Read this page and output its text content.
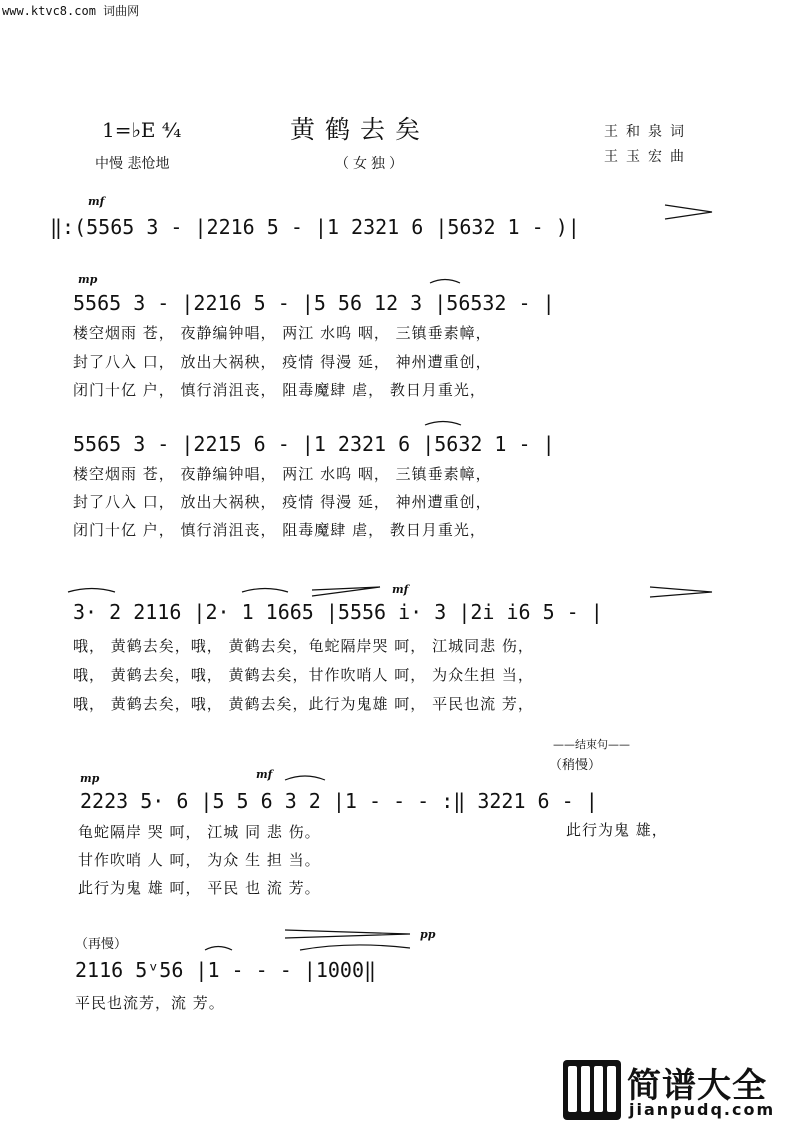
www.ktvc8.com 词曲网
1=♭E ⁴⁄₄
中慢 悲怆地
黄鹤去矣
（女独）
王和泉词
王玉宏曲
mf
‖:(5565 3 - |2216 5 - |1 2321 6 |5632 1 - )|
mp
5565 3 - |2216 5 - |5 56 12 3 |56532 - |
楼空烟雨 苍， 夜静编钟唱， 两江 水呜 咽， 三镇垂素幛，
封了八入 口， 放出大祸秧， 疫情 得漫 延， 神州遭重创，
闭门十亿 户， 慎行消沮丧， 阻毒魔肆 虐， 教日月重光，
5565 3 - |2215 6 - |1 2321 6 |5632 1 - |
楼空烟雨 苍， 夜静编钟唱， 两江 水呜 咽， 三镇垂素幛，
封了八入 口， 放出大祸秧， 疫情 得漫 延， 神州遭重创，
闭门十亿 户， 慎行消沮丧， 阻毒魔肆 虐， 教日月重光，
mf
3· 2 2116 |2· 1 1665 |5556 i· 3 |2i i6 5 - |
哦， 黄鹤去矣，哦， 黄鹤去矣，龟蛇隔岸哭 呵， 江城同悲 伤，
哦， 黄鹤去矣，哦， 黄鹤去矣，甘作吹哨人 呵， 为众生担 当，
哦， 黄鹤去矣，哦， 黄鹤去矣，此行为鬼雄 呵， 平民也流 芳，
——结束句——
（稍慢）
mp	mf
2223 5· 6 |5 5 6 3 2 |1 - - - :‖ 3221 6 - |
龟蛇隔岸 哭 呵， 江城 同 悲 伤。
甘作吹哨 人 呵， 为众 生 担 当。
此行为鬼 雄 呵， 平民 也 流 芳。
此行为鬼 雄，
（再慢）
pp
2116 5ᵛ56 |1 - - - |1000‖
平民也流芳，流 芳。
简谱大全
jianpudq.com
